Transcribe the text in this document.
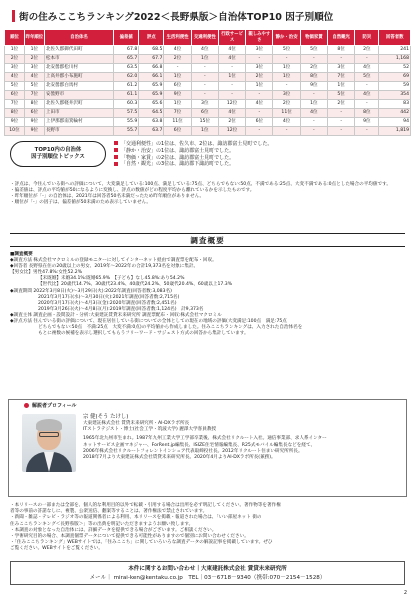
街の住みここちランキング2022＜長野県版＞自治体TOP10 因子別順位
順位	昨年順位	自治体名	偏差値	評点	生活利便性	交通利便性	行政サービス	親しみやすさ	静か・治安	物価家賃	自然観光	防災	回答者数
1位	1位	北佐久郡御代田町	67.8	68.5	4位	4位	4位	3位	5位	5位	8位	2位	241
2位	2位	松本市	65.7	67.7	2位	1位	4位	-	-	-	-	-	1,168
3位	3位	北安曇郡松川村	63.5	66.8	-	-	-	3位	1位	2位	3位	4位	52
4位	4位	上高井郡小布施町	62.0	66.1	1位	-	1位	2位	1位	8位	7位	5位	69
5位	5位	北安曇郡白馬村	61.2	65.9	6位	-	-	1位	-	9位	1位	-	59
6位	7位	安曇野市	61.1	65.9	9位	-	-	-	3位	-	5位	4位	354
7位	8位	北佐久郡軽井沢町	60.3	65.6	1位	3位	12位	4位	2位	1位	2位	-	83
8位	6位	上田市	57.5	64.5	7位	6位	4位	-	11位	4位	-	8位	442
9位	9位	上伊那郡南箕輪村	55.9	63.8	11位	15位	2位	6位	4位	-	-	9位	94
10位	9位	長野市	55.7	63.7	6位	1位	12位	-	-	-	-	-	1,819
TOP10内の自治体
因子別順位トピックス
「交通利便性」の1位は、佐久市、2位は、諏訪郡富士見町でした。
「静か・治安」の1位は、諏訪郡富士見町でした。
「物価・家賃」の2位は、諏訪郡富士見町でした。
「自然・観光」の3位は、諏訪郡下諏訪町でした。
・評点は、今住んでいる街への評価について、大変満足している:100点、満足している:75点、どちらでもない:50点、不満である:25点、大変不満である:0点とした場合の平均値です。
・偏差値は、評点の平均値が50になるように変換し、評点の数値がどの程度平均から離れているかを示したものです。
・昨年順位が「-」の自治体は、2021年は回答者50名未満だったため昨年順位がありません。
・順位が「-」の因子は、偏差値が50未満のため表示していません。
調査概要
■調査概要
◆調査方法 株式会社マクロミルの登録モニターに対してインターネット経由で調査票を配布・回収。
◆回答者 長野県在住の20歳以上の男女、2019年～2022年の合計19,373名を対象に集計。
【男女比】男性47.8%:女性52.2%
【未既婚】未婚34.1%:既婚65.9%　【子ども】なし45.8%:あり54.2%
【世代比】20歳代14.7%、30歳代23.4%、40歳代24.2%、50歳代20.4%、60歳以上17.3%
◆調査期間 2022年3月8日(火)～3月29日(火):2022年調査(回答者数:3,083名)
2021年3月17日(水)～3月30日(火):2021年調査(回答者数:2,715名)
2020年3月17日(火)～4月3日(金):2020年調査(回答者数:2,451名)
2019年3月26日(火)～4月8日(月):2019年調査(回答者数:1,124名)　計9,373名
◆調査主体 調査企画・設問設計・分析:大東建託賃貸未来研究所 調査票配布・回収:株式会社マクロミル
◆評点方法 住んでいる街の評価について、現在居住している街についての全体としての現在の地域の評価(大変満足:100点　満足:75点
どちらでもない:50点　不満:25点　大変不満:0点)の平均値から作成しました。住みここちランキングは、入力された自治体名を
もとに複数の候補を表示し選択してもらうフリーワード・サジェスト方式の回答から集計しています。
解説者プロフィール
宗 健(そう たけし)
大東建託株式会社 賃貸未来研究所・AI-DXラボ所長
ITストラテジスト・博士(社会工学・筑波大学) 麗澤大学客員教授
1965年北九州市生まれ。1987年九州工業大学工学部卒業後、株式会社リクルート入社。通信事業部、求人系インター
ネットサービス企画マネジャー、ForRent.jp編集長、ISIZE住宅情報編集長、R25式モバイル編集長などを経て、
2006年株式会社リクルートフォレントインシュア代表取締役社長。2012年リクルート住まい研究所所長。
2018年7月より大東建託株式会社賃貸未来研究所長。2020年4月よりAI-DXラボ所長(兼務)。
・本リリースの一部または全部を、個人的な利用目的以外で転載・引用する場合は出所を必ず明記してください。著作物等を著作権
者等の事前の許諾なしに、複製、公衆送信、翻案等することは、著作権法で禁止されています。
・新聞・雑誌・テレビ・ラジオ等の報道関係者による利用、本リリースを掲載・報道された場合は、「いい部屋ネット 街の
住みここちランキング＜長野県版＞」等の出典を明記いただきますようお願い致します。
・本調査の対象となった自治体には、詳細データを提供できる場合がございます。ご相談ください。
・学術研究目的の場合、本調査個票データについて提供できる可能性がありますので個別にお問い合わせください。
・「住みここちランキング」WEBサイトでは、「住みここち」に関していろいろな調査データの解説記事を掲載しています。ぜひ
ご覧ください。WEBサイトをご覧ください。
本件に関するお問い合わせ｜大東建託株式会社 賃貸未来研究所
メール｜ mirai-ken@kentaku.co.jp　TEL｜03－6718－9340（携帯:070－2154－1528）
2
